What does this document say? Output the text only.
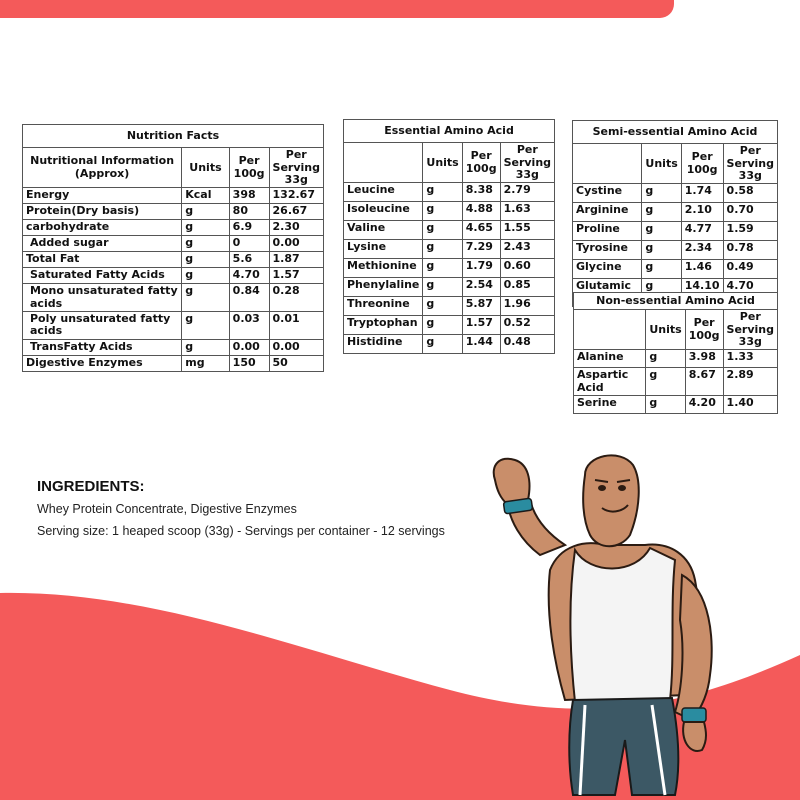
Nutrition Facts			
Nutritional Information (Approx)	Units	Per 100g	Per Serving 33g
Energy	Kcal	398	132.67
Protein(Dry basis)	g	80	26.67
carbohydrate	g	6.9	2.30
Added sugar	g	0	0.00
Total Fat	g	5.6	1.87
Saturated Fatty Acids	g	4.70	1.57
Mono unsaturated fatty acids	g	0.84	0.28
Poly unsaturated fatty acids	g	0.03	0.01
TransFatty Acids	g	0.00	0.00
Digestive Enzymes	mg	150	50
Essential Amino Acid			
	Units	Per 100g	Per Serving 33g
Leucine	g	8.38	2.79
Isoleucine	g	4.88	1.63
Valine	g	4.65	1.55
Lysine	g	7.29	2.43
Methionine	g	1.79	0.60
Phenylaline	g	2.54	0.85
Threonine	g	5.87	1.96
Tryptophan	g	1.57	0.52
Histidine	g	1.44	0.48
Semi-essential Amino Acid			
	Units	Per 100g	Per Serving 33g
Cystine	g	1.74	0.58
Arginine	g	2.10	0.70
Proline	g	4.77	1.59
Tyrosine	g	2.34	0.78
Glycine	g	1.46	0.49
Glutamic	g	14.10	4.70
Non-essential Amino Acid			
	Units	Per 100g	Per Serving 33g
Alanine	g	3.98	1.33
Aspartic Acid	g	8.67	2.89
Serine	g	4.20	1.40
INGREDIENTS:
Whey Protein Concentrate, Digestive Enzymes
Serving size: 1 heaped scoop (33g) - Servings per container - 12 servings
